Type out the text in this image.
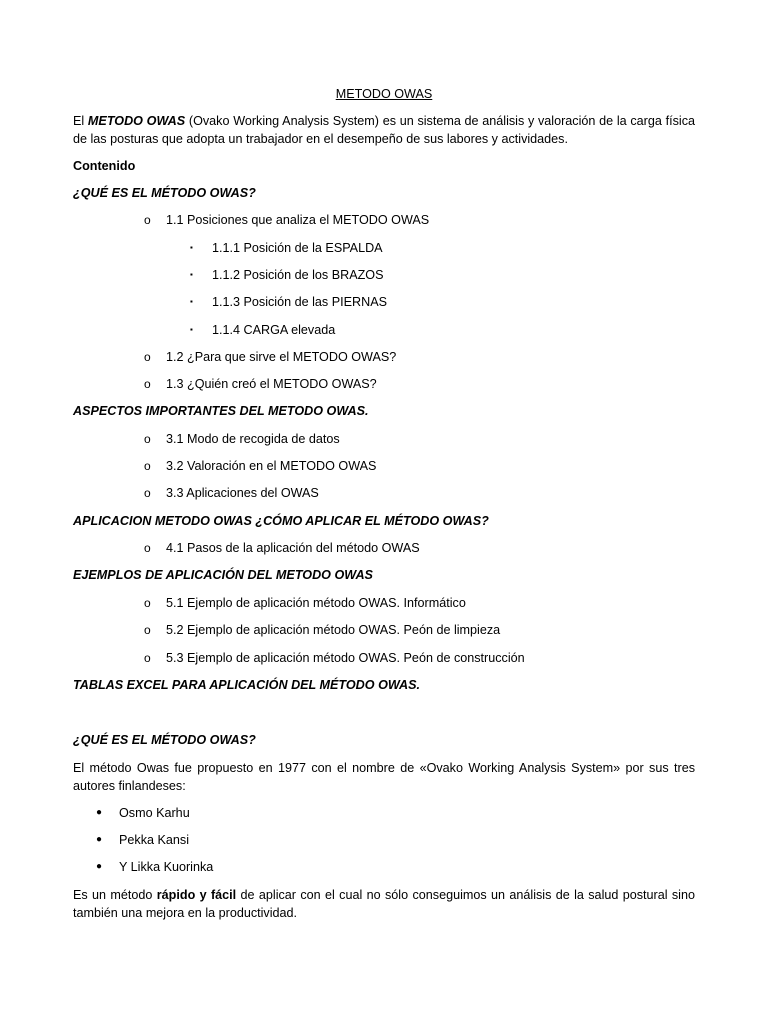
METODO OWAS
El METODO OWAS (Ovako Working Analysis System) es un sistema de análisis y valoración de la carga física de las posturas que adopta un trabajador en el desempeño de sus labores y actividades.
Contenido
¿QUÉ ES EL MÉTODO OWAS?
o 1.1 Posiciones que analiza el METODO OWAS
▪ 1.1.1 Posición de la ESPALDA
▪ 1.1.2 Posición de los BRAZOS
▪ 1.1.3 Posición de las PIERNAS
▪ 1.1.4 CARGA elevada
o 1.2 ¿Para que sirve el METODO OWAS?
o 1.3 ¿Quién creó el METODO OWAS?
ASPECTOS IMPORTANTES DEL METODO OWAS.
o 3.1 Modo de recogida de datos
o 3.2 Valoración en el METODO OWAS
o 3.3 Aplicaciones del OWAS
APLICACION METODO OWAS ¿CÓMO APLICAR EL MÉTODO OWAS?
o 4.1 Pasos de la aplicación del método OWAS
EJEMPLOS DE APLICACIÓN DEL METODO OWAS
o 5.1 Ejemplo de aplicación método OWAS. Informático
o 5.2 Ejemplo de aplicación método OWAS. Peón de limpieza
o 5.3 Ejemplo de aplicación método OWAS. Peón de construcción
TABLAS EXCEL PARA APLICACIÓN DEL MÉTODO OWAS.
¿QUÉ ES EL MÉTODO OWAS?
El método Owas fue propuesto en 1977 con el nombre de «Ovako Working Analysis System» por sus tres autores finlandeses:
● Osmo Karhu
● Pekka Kansi
● Y Likka Kuorinka
Es un método rápido y fácil de aplicar con el cual no sólo conseguimos un análisis de la salud postural sino también una mejora en la productividad.
